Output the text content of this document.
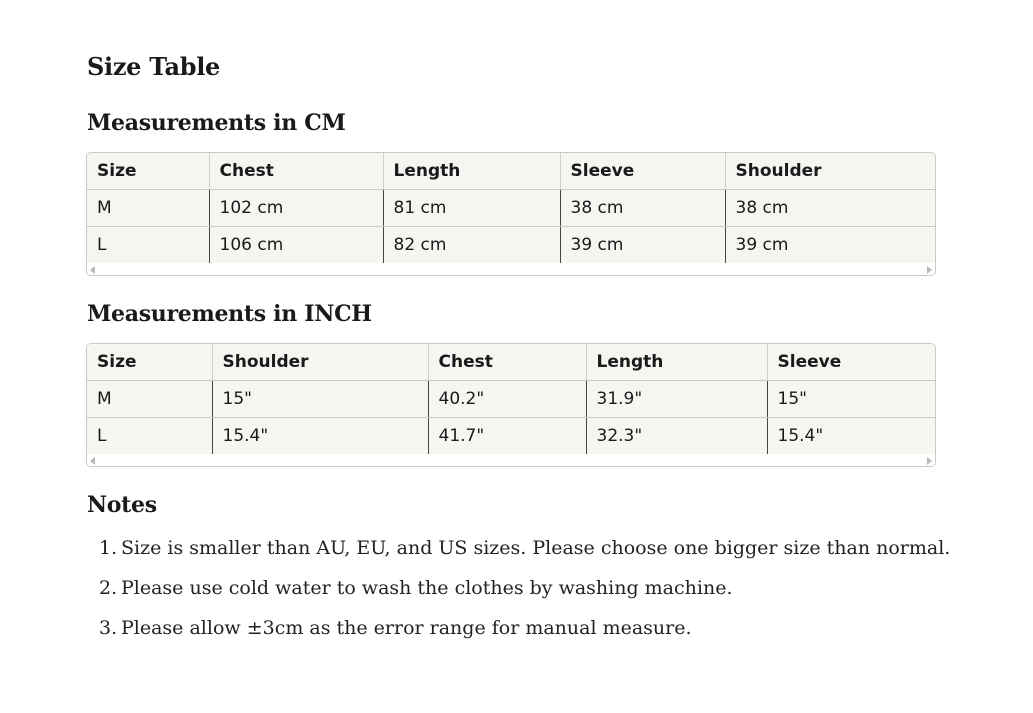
Size Table
Measurements in CM
Size	Chest	Length	Sleeve	Shoulder
M	102 cm	81 cm	38 cm	38 cm
L	106 cm	82 cm	39 cm	39 cm
Measurements in INCH
Size	Shoulder	Chest	Length	Sleeve
M	15"	40.2"	31.9"	15"
L	15.4"	41.7"	32.3"	15.4"
Notes
1. Size is smaller than AU, EU, and US sizes. Please choose one bigger size than normal.
2. Please use cold water to wash the clothes by washing machine.
3. Please allow ±3cm as the error range for manual measure.
